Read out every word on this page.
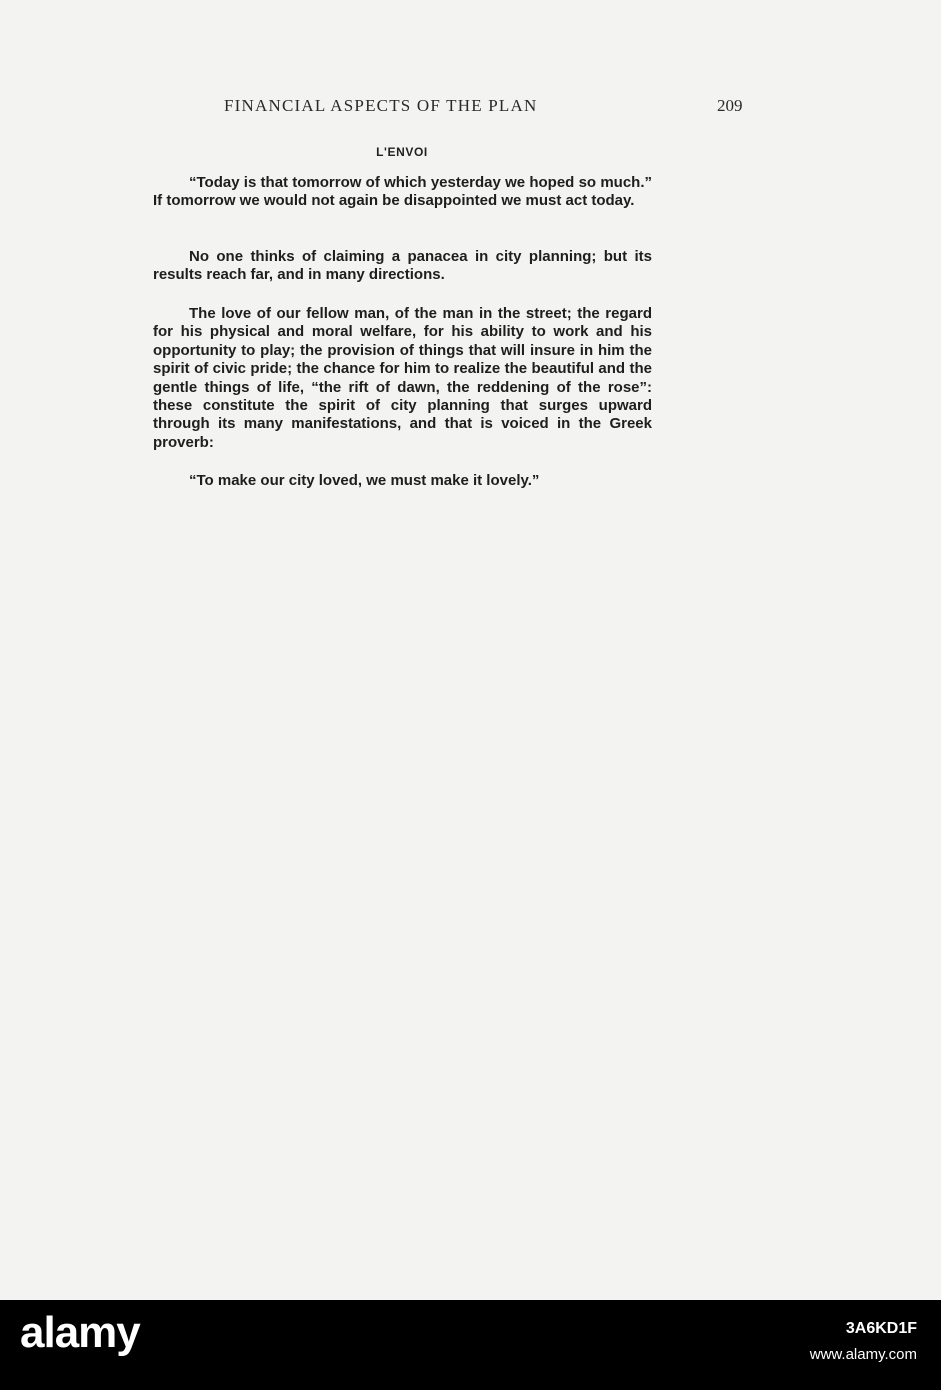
FINANCIAL ASPECTS OF THE PLAN	209
L'ENVOI

“Today is that tomorrow of which yesterday we hoped so much.” If tomorrow we would not again be disappointed we must act today.

No one thinks of claiming a panacea in city planning; but its results reach far, and in many directions.

The love of our fellow man, of the man in the street; the regard for his physical and moral welfare, for his ability to work and his opportunity to play; the provision of things that will insure in him the spirit of civic pride; the chance for him to realize the beautiful and the gentle things of life, “the rift of dawn, the reddening of the rose”: these constitute the spirit of city planning that surges upward through its many manifestations, and that is voiced in the Greek proverb:

“To make our city loved, we must make it lovely.”

alamy	3A6KD1F
www.alamy.com
